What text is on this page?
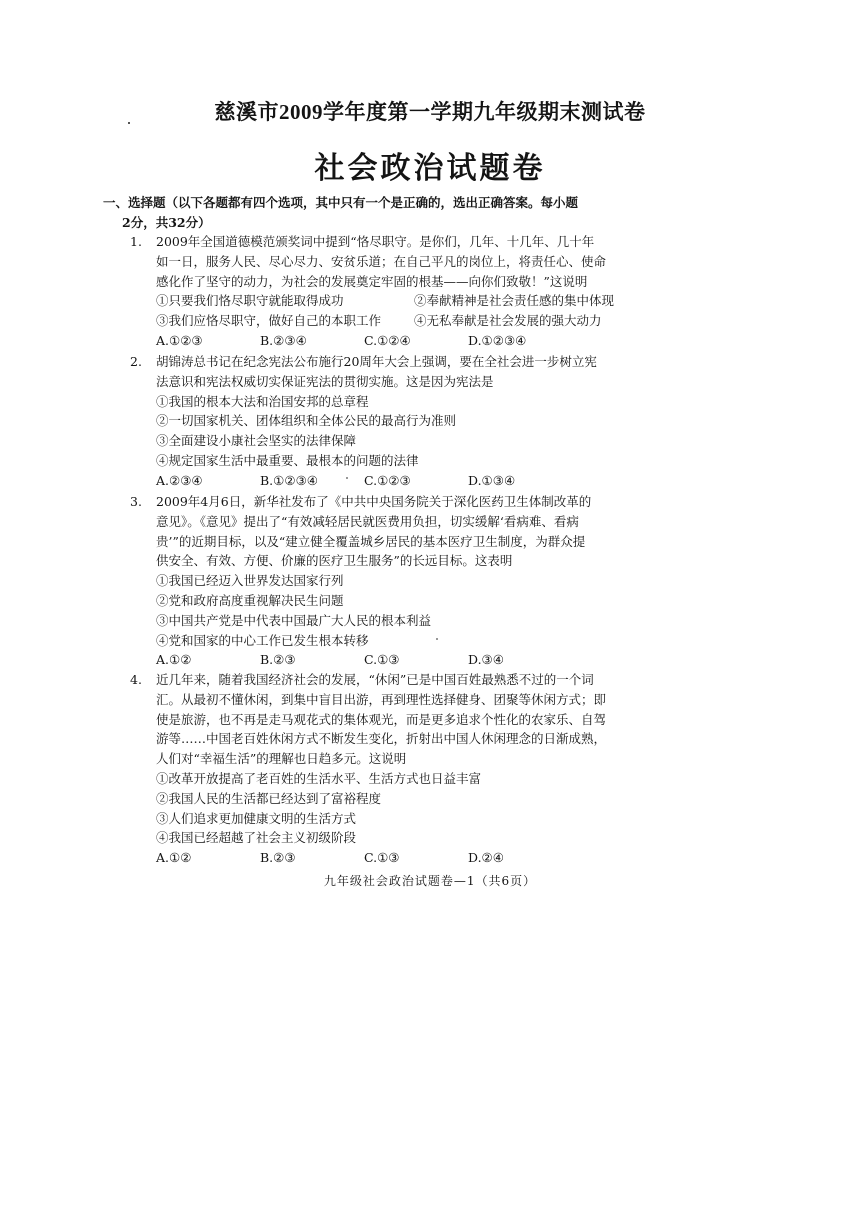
慈溪市2009学年度第一学期九年级期末测试卷
社会政治试题卷
一、选择题（以下各题都有四个选项，其中只有一个是正确的，选出正确答案。每小题
2分，共32分）
1. 2009年全国道德模范颁奖词中提到“恪尽职守。是你们，几年、十几年、几十年
如一日，服务人民、尽心尽力、安贫乐道；在自己平凡的岗位上，将责任心、使命
感化作了坚守的动力，为社会的发展奠定牢固的根基——向你们致敬！”这说明
①只要我们恪尽职守就能取得成功	②奉献精神是社会责任感的集中体现
③我们应恪尽职守，做好自己的本职工作	④无私奉献是社会发展的强大动力
A.①②③	B.②③④	C.①②④	D.①②③④
2. 胡锦涛总书记在纪念宪法公布施行20周年大会上强调，要在全社会进一步树立宪
法意识和宪法权威切实保证宪法的贯彻实施。这是因为宪法是
①我国的根本大法和治国安邦的总章程
②一切国家机关、团体组织和全体公民的最高行为准则
③全面建设小康社会坚实的法律保障
④规定国家生活中最重要、最根本的问题的法律
A.②③④	B.①②③④	C.①②③	D.①③④
3. 2009年4月6日，新华社发布了《中共中央国务院关于深化医药卫生体制改革的
意见》。《意见》提出了“有效减轻居民就医费用负担，切实缓解‘看病难、看病
贵’”的近期目标，以及“建立健全覆盖城乡居民的基本医疗卫生制度，为群众提
供安全、有效、方便、价廉的医疗卫生服务”的长远目标。这表明
①我国已经迈入世界发达国家行列
②党和政府高度重视解决民生问题
③中国共产党是中代表中国最广大人民的根本利益
④党和国家的中心工作已发生根本转移
A.①②	B.②③	C.①③	D.③④
4. 近几年来，随着我国经济社会的发展，“休闲”已是中国百姓最熟悉不过的一个词
汇。从最初不懂休闲，到集中盲目出游，再到理性选择健身、团聚等休闲方式；即
使是旅游，也不再是走马观花式的集体观光，而是更多追求个性化的农家乐、自驾
游等……中国老百姓休闲方式不断发生变化，折射出中国人休闲理念的日渐成熟，
人们对“幸福生活”的理解也日趋多元。这说明
①改革开放提高了老百姓的生活水平、生活方式也日益丰富
②我国人民的生活都已经达到了富裕程度
③人们追求更加健康文明的生活方式
④我国已经超越了社会主义初级阶段
A.①②	B.②③	C.①③	D.②④
九年级社会政治试题卷—1（共6页）
